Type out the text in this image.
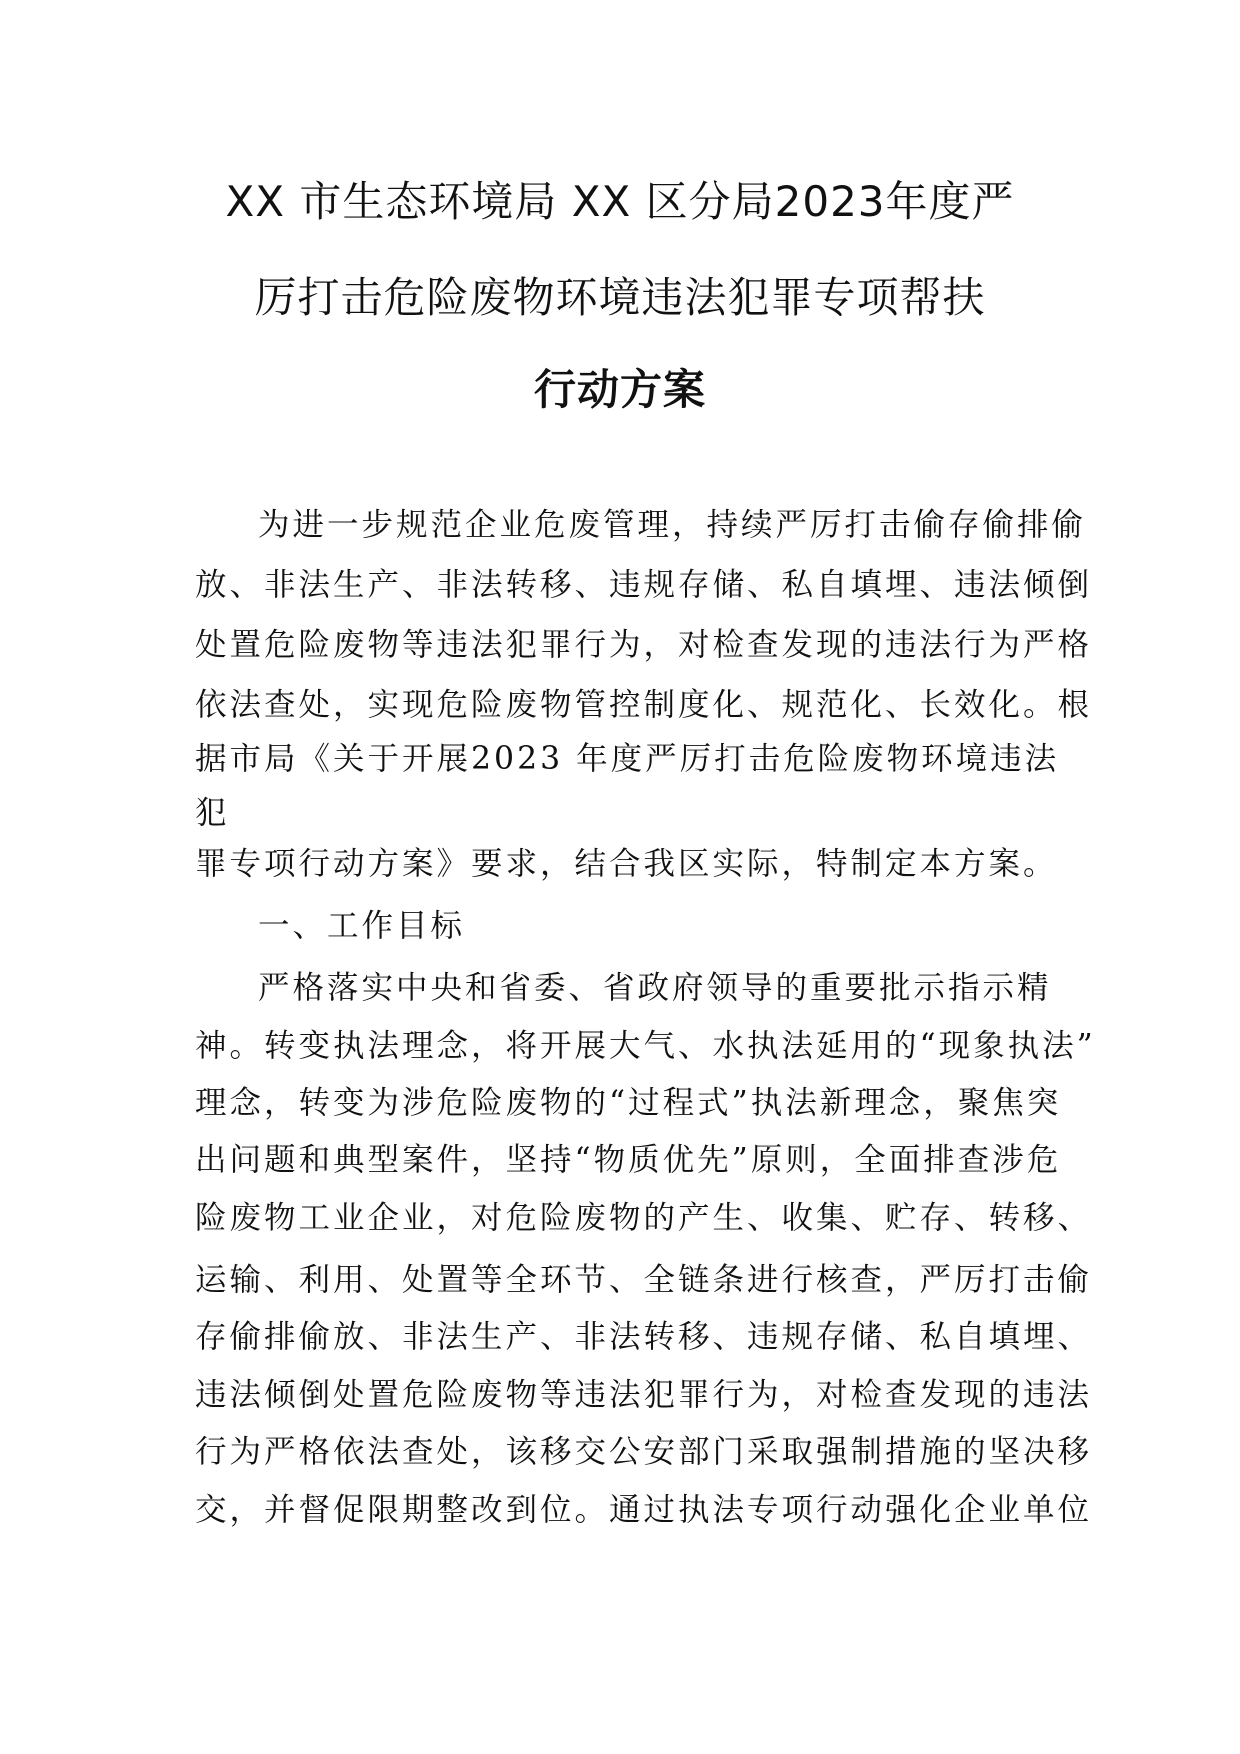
XX 市生态环境局 XX 区分局2023年度严
厉打击危险废物环境违法犯罪专项帮扶
行动方案
为进一步规范企业危废管理，持续严厉打击偷存偷排偷
放、非法生产、非法转移、违规存储、私自填埋、违法倾倒
处置危险废物等违法犯罪行为，对检查发现的违法行为严格
依法查处，实现危险废物管控制度化、规范化、长效化。根
据市局《关于开展2023 年度严厉打击危险废物环境违法
犯
罪专项行动方案》要求，结合我区实际，特制定本方案。
一、工作目标
严格落实中央和省委、省政府领导的重要批示指示精
神。转变执法理念，将开展大气、水执法延用的“现象执法”
理念，转变为涉危险废物的“过程式”执法新理念，聚焦突
出问题和典型案件，坚持“物质优先”原则，全面排查涉危
险废物工业企业，对危险废物的产生、收集、贮存、转移、
运输、利用、处置等全环节、全链条进行核查，严厉打击偷
存偷排偷放、非法生产、非法转移、违规存储、私自填埋、
违法倾倒处置危险废物等违法犯罪行为，对检查发现的违法
行为严格依法查处，该移交公安部门采取强制措施的坚决移
交，并督促限期整改到位。通过执法专项行动强化企业单位
